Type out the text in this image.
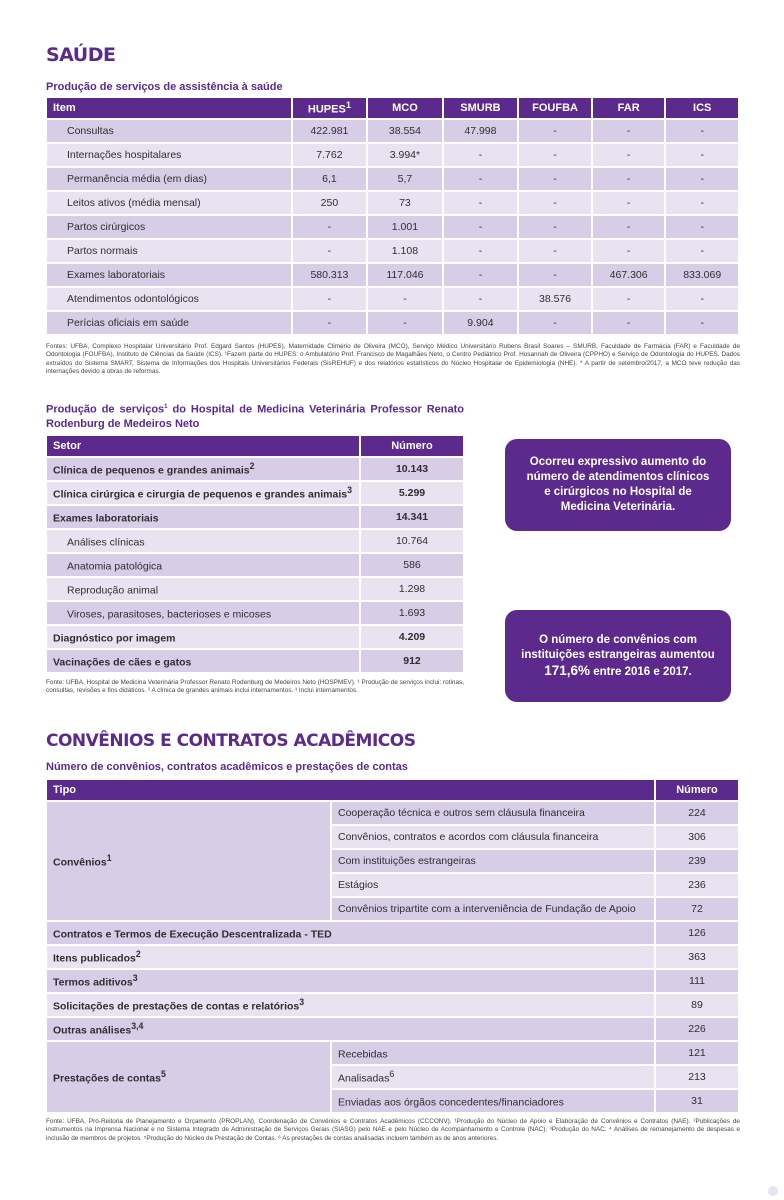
SAÚDE
Produção de serviços de assistência à saúde
Item	HUPES$^1$	MCO	SMURB	FOUFBA	FAR	ICS
Consultas	422.981	38.554	47.998	-	-	-
Internações hospitalares	7.762	3.994*	-	-	-	-
Permanência média (em dias)	6,1	5,7	-	-	-	-
Leitos ativos (média mensal)	250	73	-	-	-	-
Partos cirúrgicos	-	1.001	-	-	-	-
Partos normais	-	1.108	-	-	-	-
Exames laboratoriais	580.313	117.046	-	-	467.306	833.069
Atendimentos odontológicos	-	-	-	38.576	-	-
Perícias oficiais em saúde	-	-	9.904	-	-	-
Fontes: UFBA, Complexo Hospitalar Universitário Prof. Edgard Santos (HUPES), Maternidade Climério de Oliveira (MCO), Serviço Médico Universitário Rubens Brasil Soares – SMURB, Faculdade de Farmácia (FAR) e Faculdade de Odontologia (FOUFBA), Instituto de Ciências da Saúde (ICS). ¹Fazem parte do HUPES: o Ambulatório Prof. Francisco de Magalhães Neto, o Centro Pediátrico Prof. Hosannah de Oliveira (CPPHO) e Serviço de Odontologia do HUPES. Dados extraídos do Sistema SMART, Sistema de Informações dos Hospitais Universitários Federais (SisREHUF) e dos relatórios estatísticos do Núcleo Hospitalar de Epidemiologia (NHE). * A partir de setembro/2017, a MCO teve redução das internações devido a obras de reformas.
Produção de serviços$^1$ do Hospital de Medicina Veterinária Professor Renato Rodenburg de Medeiros Neto
Setor	Número
Clínica de pequenos e grandes animais$^2$	10.143
Clínica cirúrgica e cirurgia de pequenos e grandes animais$^3$	5.299
Exames laboratoriais	14.341
Análises clínicas	10.764
Anatomia patológica	586
Reprodução animal	1.298
Viroses, parasitoses, bacterioses e micoses	1.693
Diagnóstico por imagem	4.209
Vacinações de cães e gatos	912
Fonte: UFBA, Hospital de Medicina Veterinária Professor Renato Rodenburg de Medeiros Neto (HOSPMEV). ¹ Produção de serviços inclui: rotinas, consultas, revisões e fins didáticos. ² A clínica de grandes animais inclui internamentos. ³ Inclui internamentos.
Ocorreu expressivo aumento do número de atendimentos clínicos e cirúrgicos no Hospital de Medicina Veterinária.
O número de convênios com instituições estrangeiras aumentou
171,6% entre 2016 e 2017.
CONVÊNIOS E CONTRATOS ACADÊMICOS
Número de convênios, contratos acadêmicos e prestações de contas
Tipo		Número
Convênios$^1$	Cooperação técnica e outros sem cláusula financeira	224
	Convênios, contratos e acordos com cláusula financeira	306
	Com instituições estrangeiras	239
	Estágios	236
	Convênios tripartite com a interveniência de Fundação de Apoio	72
Contratos e Termos de Execução Descentralizada - TED		126
Itens publicados$^2$		363
Termos aditivos$^3$		111
Solicitações de prestações de contas e relatórios$^3$		89
Outras análises$^{3,4}$		226
Prestações de contas$^5$	Recebidas	121
	Analisadas$^6$	213
	Enviadas aos órgãos concedentes/financiadores	31
Fonte: UFBA, Pró-Reitoria de Planejamento e Orçamento (PROPLAN), Coordenação de Convênios e Contratos Acadêmicos (CCCONV). ¹Produção do Núcleo de Apoio e Elaboração de Convênios e Contratos (NAE). ²Publicações de instrumentos na Imprensa Nacional e no Sistema Integrado de Administração de Serviços Gerais (SIASG) pelo NAE e pelo Núcleo de Acompanhamento e Controle (NAC). ³Produção do NAC. ⁴ Análises de remanejamento de despesas e inclusão de membros de projetos. ⁵Produção do Núcleo de Prestação de Contas. ⁶ As prestações de contas analisadas incluem também as de anos anteriores.
